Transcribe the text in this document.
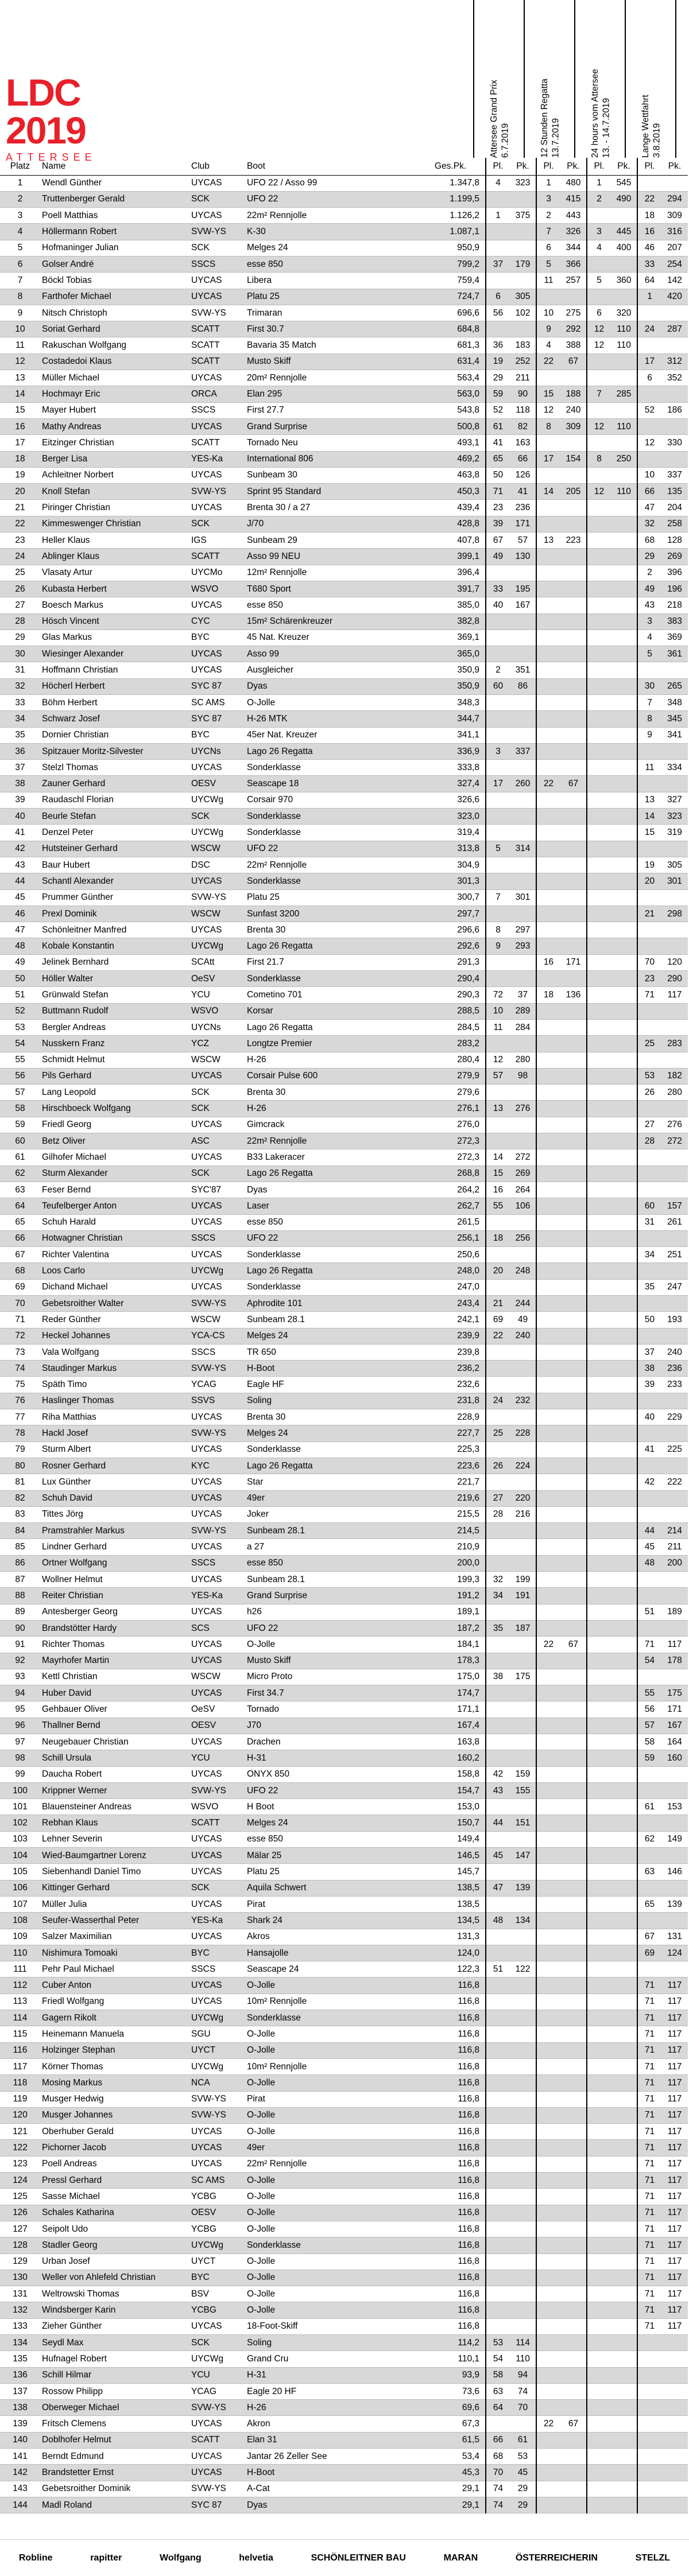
LDC
2019
ATTERSEE	Attersee Grand Prix
6.7.2019	12 Stunden Regatta
13.7.2019	24 hours vom Attersee
13. - 14.7.2019
Lange Wettfahrt
3.8.2019
Platz	Name	Club	Boot	Ges.Pk.	Pl.	Pk.	Pl.	Pk.	Pl.	Pk.	Pl.	Pk.
1	Wendl Günther	UYCAS	UFO 22 / Asso 99	1.347,8	4	323	1	480	1	545		
2	Truttenberger Gerald	SCK	UFO 22	1.199,5			3	415	2	490	22	294
3	Poell Matthias	UYCAS	22m² Rennjolle	1.126,2	1	375	2	443			18	309
4	Höllermann Robert	SVW-YS	K-30	1.087,1			7	326	3	445	16	316
5	Hofmaninger Julian	SCK	Melges 24	950,9			6	344	4	400	46	207
6	Golser André	SSCS	esse 850	799,2	37	179	5	366			33	254
7	Böckl Tobias	UYCAS	Libera	759,4			11	257	5	360	64	142
8	Farthofer Michael	UYCAS	Platu 25	724,7	6	305					1	420
9	Nitsch Christoph	SVW-YS	Trimaran	696,6	56	102	10	275	6	320		
10	Soriat Gerhard	SCATT	First 30.7	684,8			9	292	12	110	24	287
11	Rakuschan Wolfgang	SCATT	Bavaria 35 Match	681,3	36	183	4	388	12	110		
12	Costadedoi Klaus	SCATT	Musto Skiff	631,4	19	252	22	67			17	312
13	Müller Michael	UYCAS	20m² Rennjolle	563,4	29	211					6	352
14	Hochmayr Eric	ORCA	Elan 295	563,0	59	90	15	188	7	285		
15	Mayer Hubert	SSCS	First 27.7	543,8	52	118	12	240			52	186
16	Mathy Andreas	UYCAS	Grand Surprise	500,8	61	82	8	309	12	110		
17	Eitzinger Christian	SCATT	Tornado Neu	493,1	41	163					12	330
18	Berger Lisa	YES-Ka	International 806	469,2	65	66	17	154	8	250		
19	Achleitner Norbert	UYCAS	Sunbeam 30	463,8	50	126					10	337
20	Knoll Stefan	SVW-YS	Sprint 95 Standard	450,3	71	41	14	205	12	110	66	135
21	Piringer Christian	UYCAS	Brenta 30 / a 27	439,4	23	236					47	204
22	Kimmeswenger Christian	SCK	J/70	428,8	39	171					32	258
23	Heller Klaus	IGS	Sunbeam 29	407,8	67	57	13	223			68	128
24	Ablinger Klaus	SCATT	Asso 99 NEU	399,1	49	130					29	269
25	Vlasaty Artur	UYCMo	12m² Rennjolle	396,4							2	396
26	Kubasta Herbert	WSVO	T680 Sport	391,7	33	195					49	196
27	Boesch Markus	UYCAS	esse 850	385,0	40	167					43	218
28	Hösch Vincent	CYC	15m² Schärenkreuzer	382,8							3	383
29	Glas Markus	BYC	45 Nat. Kreuzer	369,1							4	369
30	Wiesinger Alexander	UYCAS	Asso 99	365,0							5	361
31	Hoffmann Christian	UYCAS	Ausgleicher	350,9	2	351						
32	Höcherl Herbert	SYC 87	Dyas	350,9	60	86					30	265
33	Böhm Herbert	SC AMS	O-Jolle	348,3							7	348
34	Schwarz Josef	SYC 87	H-26 MTK	344,7							8	345
35	Dornier Christian	BYC	45er Nat. Kreuzer	341,1							9	341
36	Spitzauer Moritz-Silvester	UYCNs	Lago 26 Regatta	336,9	3	337						
37	Stelzl Thomas	UYCAS	Sonderklasse	333,8							11	334
38	Zauner Gerhard	OESV	Seascape 18	327,4	17	260	22	67				
39	Raudaschl Florian	UYCWg	Corsair 970	326,6							13	327
40	Beurle Stefan	SCK	Sonderklasse	323,0							14	323
41	Denzel Peter	UYCWg	Sonderklasse	319,4							15	319
42	Hutsteiner Gerhard	WSCW	UFO 22	313,8	5	314						
43	Baur Hubert	DSC	22m² Rennjolle	304,9							19	305
44	Schantl Alexander	UYCAS	Sonderklasse	301,3							20	301
45	Prummer Günther	SVW-YS	Platu 25	300,7	7	301						
46	Prexl Dominik	WSCW	Sunfast 3200	297,7							21	298
47	Schönleitner Manfred	UYCAS	Brenta 30	296,6	8	297						
48	Kobale Konstantin	UYCWg	Lago 26 Regatta	292,6	9	293						
49	Jelinek Bernhard	SCAtt	First 21.7	291,3			16	171			70	120
50	Höller Walter	OeSV	Sonderklasse	290,4							23	290
51	Grünwald Stefan	YCU	Cometino 701	290,3	72	37	18	136			71	117
52	Buttmann Rudolf	WSVO	Korsar	288,5	10	289						
53	Bergler Andreas	UYCNs	Lago 26 Regatta	284,5	11	284						
54	Nusskern Franz	YCZ	Longtze Premier	283,2							25	283
55	Schmidt Helmut	WSCW	H-26	280,4	12	280						
56	Pils Gerhard	UYCAS	Corsair Pulse 600	279,9	57	98					53	182
57	Lang Leopold	SCK	Brenta 30	279,6							26	280
58	Hirschboeck Wolfgang	SCK	H-26	276,1	13	276						
59	Friedl Georg	UYCAS	Gimcrack	276,0							27	276
60	Betz Oliver	ASC	22m² Rennjolle	272,3							28	272
61	Gilhofer Michael	UYCAS	B33 Lakeracer	272,3	14	272						
62	Sturm Alexander	SCK	Lago 26 Regatta	268,8	15	269						
63	Feser Bernd	SYC'87	Dyas	264,2	16	264						
64	Teufelberger Anton	UYCAS	Laser	262,7	55	106					60	157
65	Schuh Harald	UYCAS	esse 850	261,5							31	261
66	Hotwagner Christian	SSCS	UFO 22	256,1	18	256						
67	Richter Valentina	UYCAS	Sonderklasse	250,6							34	251
68	Loos Carlo	UYCWg	Lago 26 Regatta	248,0	20	248						
69	Dichand Michael	UYCAS	Sonderklasse	247,0							35	247
70	Gebetsroither Walter	SVW-YS	Aphrodite 101	243,4	21	244						
71	Reder Günther	WSCW	Sunbeam 28.1	242,1	69	49					50	193
72	Heckel Johannes	YCA-CS	Melges 24	239,9	22	240						
73	Vala Wolfgang	SSCS	TR 650	239,8							37	240
74	Staudinger Markus	SVW-YS	H-Boot	236,2							38	236
75	Späth Timo	YCAG	Eagle HF	232,6							39	233
76	Haslinger Thomas	SSVS	Soling	231,8	24	232						
77	Riha Matthias	UYCAS	Brenta 30	228,9							40	229
78	Hackl Josef	SVW-YS	Melges 24	227,7	25	228						
79	Sturm Albert	UYCAS	Sonderklasse	225,3							41	225
80	Rosner Gerhard	KYC	Lago 26 Regatta	223,6	26	224						
81	Lux Günther	UYCAS	Star	221,7							42	222
82	Schuh David	UYCAS	49er	219,6	27	220						
83	Tittes Jörg	UYCAS	Joker	215,5	28	216						
84	Pramstrahler Markus	SVW-YS	Sunbeam 28.1	214,5							44	214
85	Lindner Gerhard	UYCAS	a 27	210,9							45	211
86	Ortner Wolfgang	SSCS	esse 850	200,0							48	200
87	Wollner Helmut	UYCAS	Sunbeam 28.1	199,3	32	199						
88	Reiter Christian	YES-Ka	Grand Surprise	191,2	34	191						
89	Antesberger Georg	UYCAS	h26	189,1							51	189
90	Brandstötter Hardy	SCS	UFO 22	187,2	35	187						
91	Richter Thomas	UYCAS	O-Jolle	184,1			22	67			71	117
92	Mayrhofer Martin	UYCAS	Musto Skiff	178,3							54	178
93	Kettl Christian	WSCW	Micro Proto	175,0	38	175						
94	Huber David	UYCAS	First 34.7	174,7							55	175
95	Gehbauer Oliver	OeSV	Tornado	171,1							56	171
96	Thallner Bernd	OESV	J70	167,4							57	167
97	Neugebauer Christian	UYCAS	Drachen	163,8							58	164
98	Schill Ursula	YCU	H-31	160,2							59	160
99	Daucha Robert	UYCAS	ONYX 850	158,8	42	159						
100	Krippner Werner	SVW-YS	UFO 22	154,7	43	155						
101	Blauensteiner Andreas	WSVO	H Boot	153,0							61	153
102	Rebhan Klaus	SCATT	Melges 24	150,7	44	151						
103	Lehner Severin	UYCAS	esse 850	149,4							62	149
104	Wied-Baumgartner Lorenz	UYCAS	Mälar 25	146,5	45	147						
105	Siebenhandl Daniel Timo	UYCAS	Platu 25	145,7							63	146
106	Kittinger Gerhard	SCK	Aquila Schwert	138,5	47	139						
107	Müller Julia	UYCAS	Pirat	138,5							65	139
108	Seufer-Wasserthal Peter	YES-Ka	Shark 24	134,5	48	134						
109	Salzer Maximilian	UYCAS	Akros	131,3							67	131
110	Nishimura Tomoaki	BYC	Hansajolle	124,0							69	124
111	Pehr Paul Michael	SSCS	Seascape 24	122,3	51	122						
112	Cuber Anton	UYCAS	O-Jolle	116,8							71	117
113	Friedl Wolfgang	UYCAS	10m² Rennjolle	116,8							71	117
114	Gagern Rikolt	UYCWg	Sonderklasse	116,8							71	117
115	Heinemann Manuela	SGU	O-Jolle	116,8							71	117
116	Holzinger Stephan	UYCT	O-Jolle	116,8							71	117
117	Körner Thomas	UYCWg	10m² Rennjolle	116,8							71	117
118	Mosing Markus	NCA	O-Jolle	116,8							71	117
119	Musger Hedwig	SVW-YS	Pirat	116,8							71	117
120	Musger Johannes	SVW-YS	O-Jolle	116,8							71	117
121	Oberhuber Gerald	UYCAS	O-Jolle	116,8							71	117
122	Pichorner Jacob	UYCAS	49er	116,8							71	117
123	Poell Andreas	UYCAS	22m² Rennjolle	116,8							71	117
124	Pressl Gerhard	SC AMS	O-Jolle	116,8							71	117
125	Sasse Michael	YCBG	O-Jolle	116,8							71	117
126	Schales Katharina	OESV	O-Jolle	116,8							71	117
127	Seipolt Udo	YCBG	O-Jolle	116,8							71	117
128	Stadler Georg	UYCWg	Sonderklasse	116,8							71	117
129	Urban Josef	UYCT	O-Jolle	116,8							71	117
130	Weller von Ahlefeld Christian	BYC	O-Jolle	116,8							71	117
131	Weltrowski Thomas	BSV	O-Jolle	116,8							71	117
132	Windsberger Karin	YCBG	O-Jolle	116,8							71	117
133	Zieher Günther	UYCAS	18-Foot-Skiff	116,8							71	117
134	Seydl Max	SCK	Soling	114,2	53	114						
135	Hufnagel Robert	UYCWg	Grand Cru	110,1	54	110						
136	Schill Hilmar	YCU	H-31	93,9	58	94						
137	Rossow Philipp	YCAG	Eagle 20 HF	73,6	63	74						
138	Oberweger Michael	SVW-YS	H-26	69,6	64	70						
139	Fritsch Clemens	UYCAS	Akron	67,3			22	67				
140	Doblhofer Helmut	SCATT	Elan 31	61,5	66	61						
141	Berndt Edmund	UYCAS	Jantar 26 Zeller See	53,4	68	53						
142	Brandstetter Ernst	UYCAS	H-Boot	45,3	70	45						
143	Gebetsroither Dominik	SVW-YS	A-Cat	29,1	74	29						
144	Madl Roland	SYC 87	Dyas	29,1	74	29						
Robline	rapitter	Wolfgang	helvetia	SCHÖNLEITNER BAU	MARAN	ÖSTERREICHERIN	STELZL
